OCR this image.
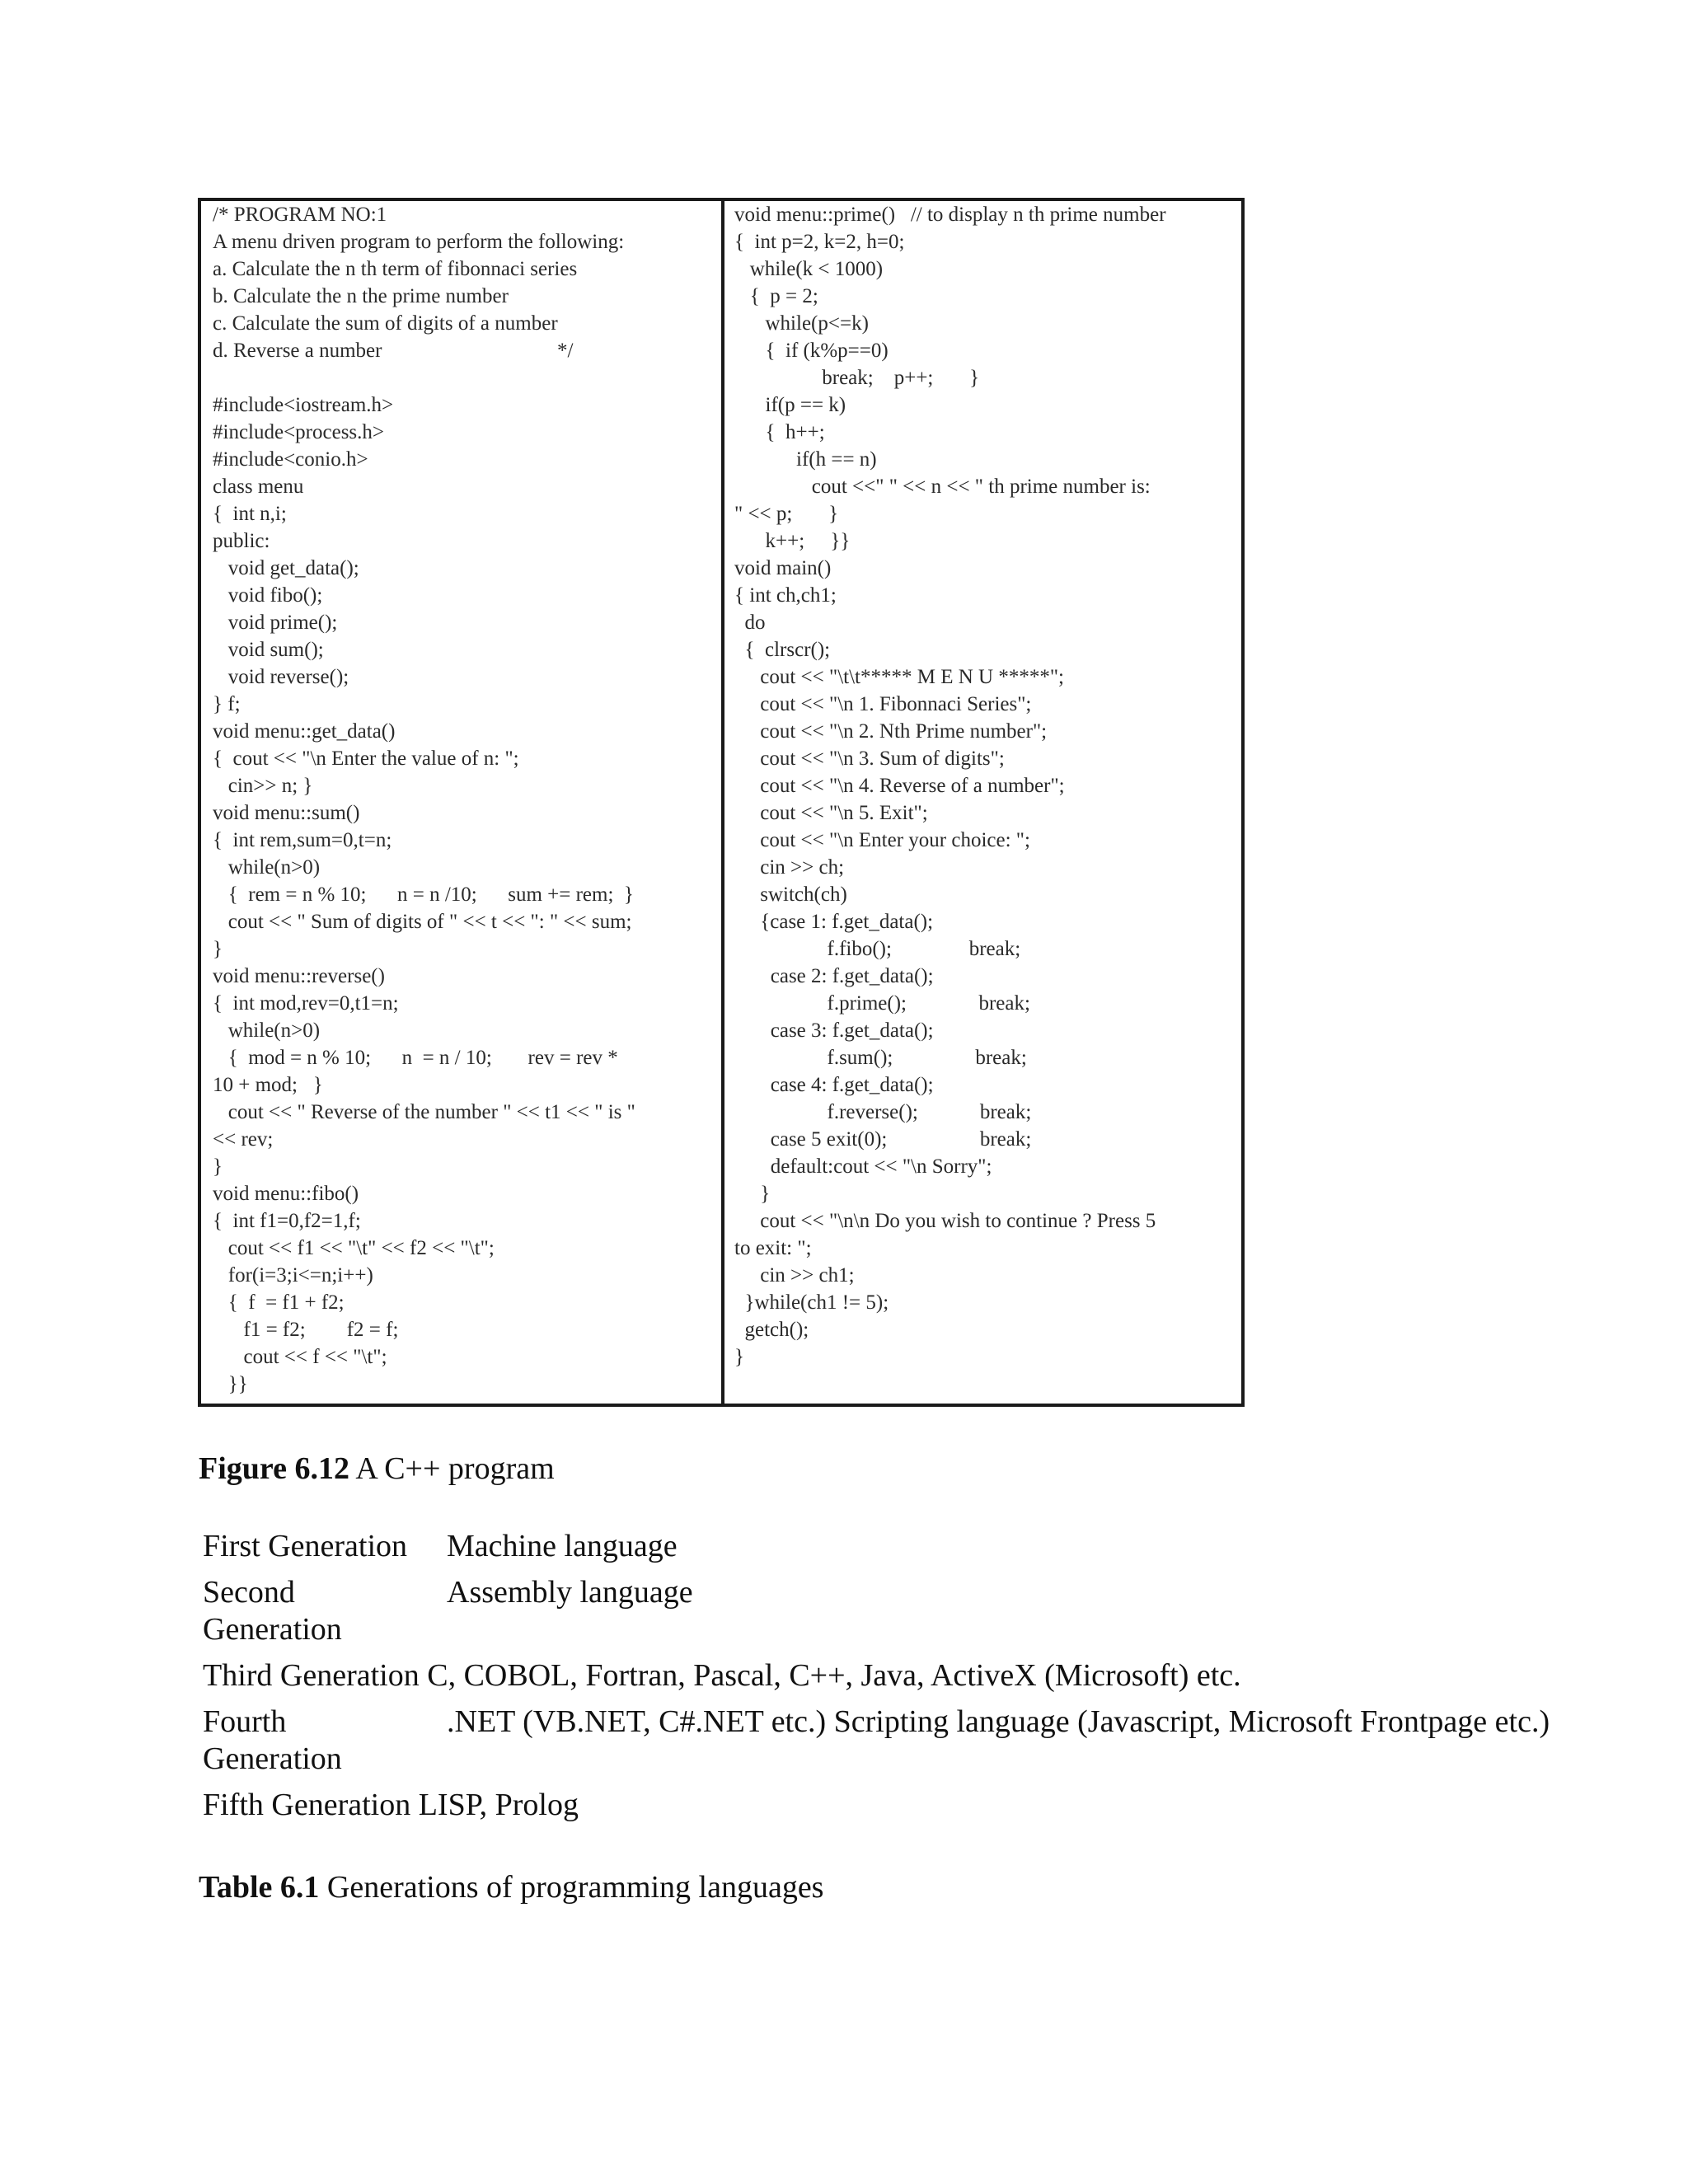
/* PROGRAM NO:1
A menu driven program to perform the following:
a. Calculate the n th term of fibonnaci series
b. Calculate the n the prime number
c. Calculate the sum of digits of a number
d. Reverse a number                                  */
#include<iostream.h>
#include<process.h>
#include<conio.h>
class menu
{  int n,i;
public:
void get_data();
void fibo();
void prime();
void sum();
void reverse();
} f;
void menu::get_data()
{  cout << "\n Enter the value of n: ";
cin>> n; }
void menu::sum()
{  int rem,sum=0,t=n;
while(n>0)
{  rem = n % 10;      n = n /10;      sum += rem;  }
cout << " Sum of digits of " << t << ": " << sum;
}
void menu::reverse()
{  int mod,rev=0,t1=n;
while(n>0)
{  mod = n % 10;      n  = n / 10;       rev = rev *
10 + mod;   }
cout << " Reverse of the number " << t1 << " is "
<< rev;
}
void menu::fibo()
{  int f1=0,f2=1,f;
cout << f1 << "\t" << f2 << "\t";
for(i=3;i<=n;i++)
{  f  = f1 + f2;
f1 = f2;        f2 = f;
cout << f << "\t";
}}
void menu::prime()   // to display n th prime number
{  int p=2, k=2, h=0;
while(k < 1000)
{  p = 2;
while(p<=k)
{  if (k%p==0)
break;    p++;       }
if(p == k)
{  h++;
if(h == n)
cout <<" " << n << " th prime number is:
" << p;       }
k++;     }}
void main()
{ int ch,ch1;
do
{  clrscr();
cout << "\t\t***** M E N U *****";
cout << "\n 1. Fibonnaci Series";
cout << "\n 2. Nth Prime number";
cout << "\n 3. Sum of digits";
cout << "\n 4. Reverse of a number";
cout << "\n 5. Exit";
cout << "\n Enter your choice: ";
cin >> ch;
switch(ch)
{case 1: f.get_data();
f.fibo();               break;
case 2: f.get_data();
f.prime();              break;
case 3: f.get_data();
f.sum();                break;
case 4: f.get_data();
f.reverse();            break;
case 5 exit(0);                  break;
default:cout << "\n Sorry";
}
cout << "\n\n Do you wish to continue ? Press 5
to exit: ";
cin >> ch1;
}while(ch1 != 5);
getch();
}
Figure 6.12 A C++ program
First Generation	Machine language
Second Generation	Assembly language
Third Generation C, COBOL, Fortran, Pascal, C++, Java, ActiveX (Microsoft) etc.	
Fourth Generation	.NET (VB.NET, C#.NET etc.) Scripting language (Javascript, Microsoft Frontpage etc.)
Fifth Generation LISP, Prolog	
Table 6.1 Generations of programming languages
